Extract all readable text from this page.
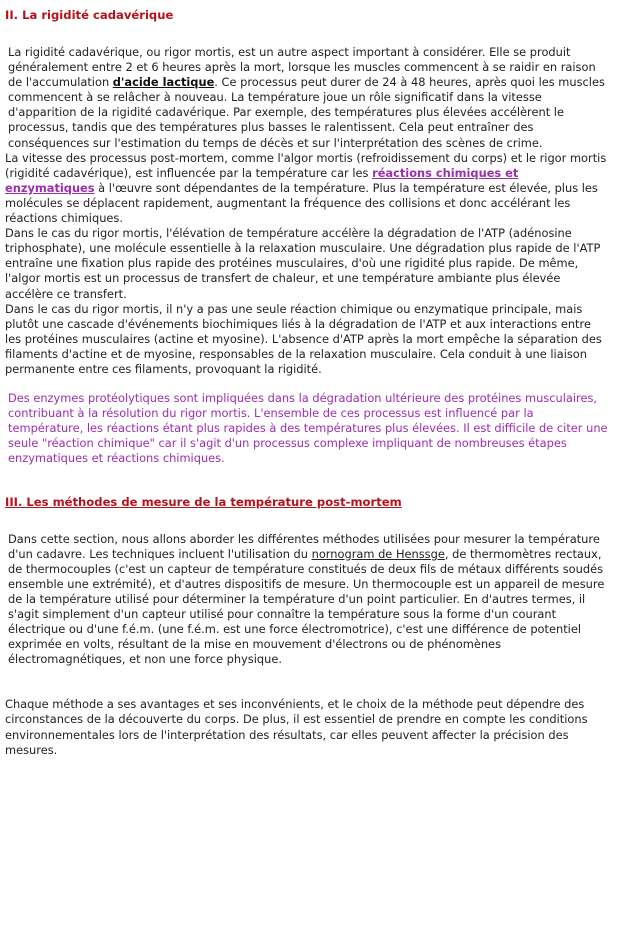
II. La rigidité cadavérique

La rigidité cadavérique, ou rigor mortis, est un autre aspect important à considérer. Elle se produit généralement entre 2 et 6 heures après la mort, lorsque les muscles commencent à se raidir en raison de l'accumulation d'acide lactique. Ce processus peut durer de 24 à 48 heures, après quoi les muscles commencent à se relâcher à nouveau. La température joue un rôle significatif dans la vitesse d'apparition de la rigidité cadavérique. Par exemple, des températures plus élevées accélèrent le processus, tandis que des températures plus basses le ralentissent. Cela peut entraîner des conséquences sur l'estimation du temps de décès et sur l'interprétation des scènes de crime.

La vitesse des processus post-mortem, comme l'algor mortis (refroidissement du corps) et le rigor mortis (rigidité cadavérique), est influencée par la température car les réactions chimiques et enzymatiques à l'œuvre sont dépendantes de la température. Plus la température est élevée, plus les molécules se déplacent rapidement, augmentant la fréquence des collisions et donc accélérant les réactions chimiques.

Dans le cas du rigor mortis, l'élévation de température accélère la dégradation de l'ATP (adénosine triphosphate), une molécule essentielle à la relaxation musculaire. Une dégradation plus rapide de l'ATP entraîne une fixation plus rapide des protéines musculaires, d'où une rigidité plus rapide. De même, l'algor mortis est un processus de transfert de chaleur, et une température ambiante plus élevée accélère ce transfert.

Dans le cas du rigor mortis, il n'y a pas une seule réaction chimique ou enzymatique principale, mais plutôt une cascade d'événements biochimiques liés à la dégradation de l'ATP et aux interactions entre les protéines musculaires (actine et myosine). L'absence d'ATP après la mort empêche la séparation des filaments d'actine et de myosine, responsables de la relaxation musculaire. Cela conduit à une liaison permanente entre ces filaments, provoquant la rigidité.

Des enzymes protéolytiques sont impliquées dans la dégradation ultérieure des protéines musculaires, contribuant à la résolution du rigor mortis. L'ensemble de ces processus est influencé par la température, les réactions étant plus rapides à des températures plus élevées. Il est difficile de citer une seule "réaction chimique" car il s'agit d'un processus complexe impliquant de nombreuses étapes enzymatiques et réactions chimiques.

III. Les méthodes de mesure de la température post-mortem

Dans cette section, nous allons aborder les différentes méthodes utilisées pour mesurer la température d'un cadavre. Les techniques incluent l'utilisation du nornogram de Henssge, de thermomètres rectaux, de thermocouples (c'est un capteur de température constitués de deux fils de métaux différents soudés ensemble une extrémité), et d'autres dispositifs de mesure. Un thermocouple est un appareil de mesure de la température utilisé pour déterminer la température d'un point particulier. En d'autres termes, il s'agit simplement d'un capteur utilisé pour connaître la température sous la forme d'un courant électrique ou d'une f.é.m. (une f.é.m. est une force électromotrice), c'est une différence de potentiel exprimée en volts, résultant de la mise en mouvement d'électrons ou de phénomènes électromagnétiques, et non une force physique.

Chaque méthode a ses avantages et ses inconvénients, et le choix de la méthode peut dépendre des circonstances de la découverte du corps. De plus, il est essentiel de prendre en compte les conditions environnementales lors de l'interprétation des résultats, car elles peuvent affecter la précision des mesures.
